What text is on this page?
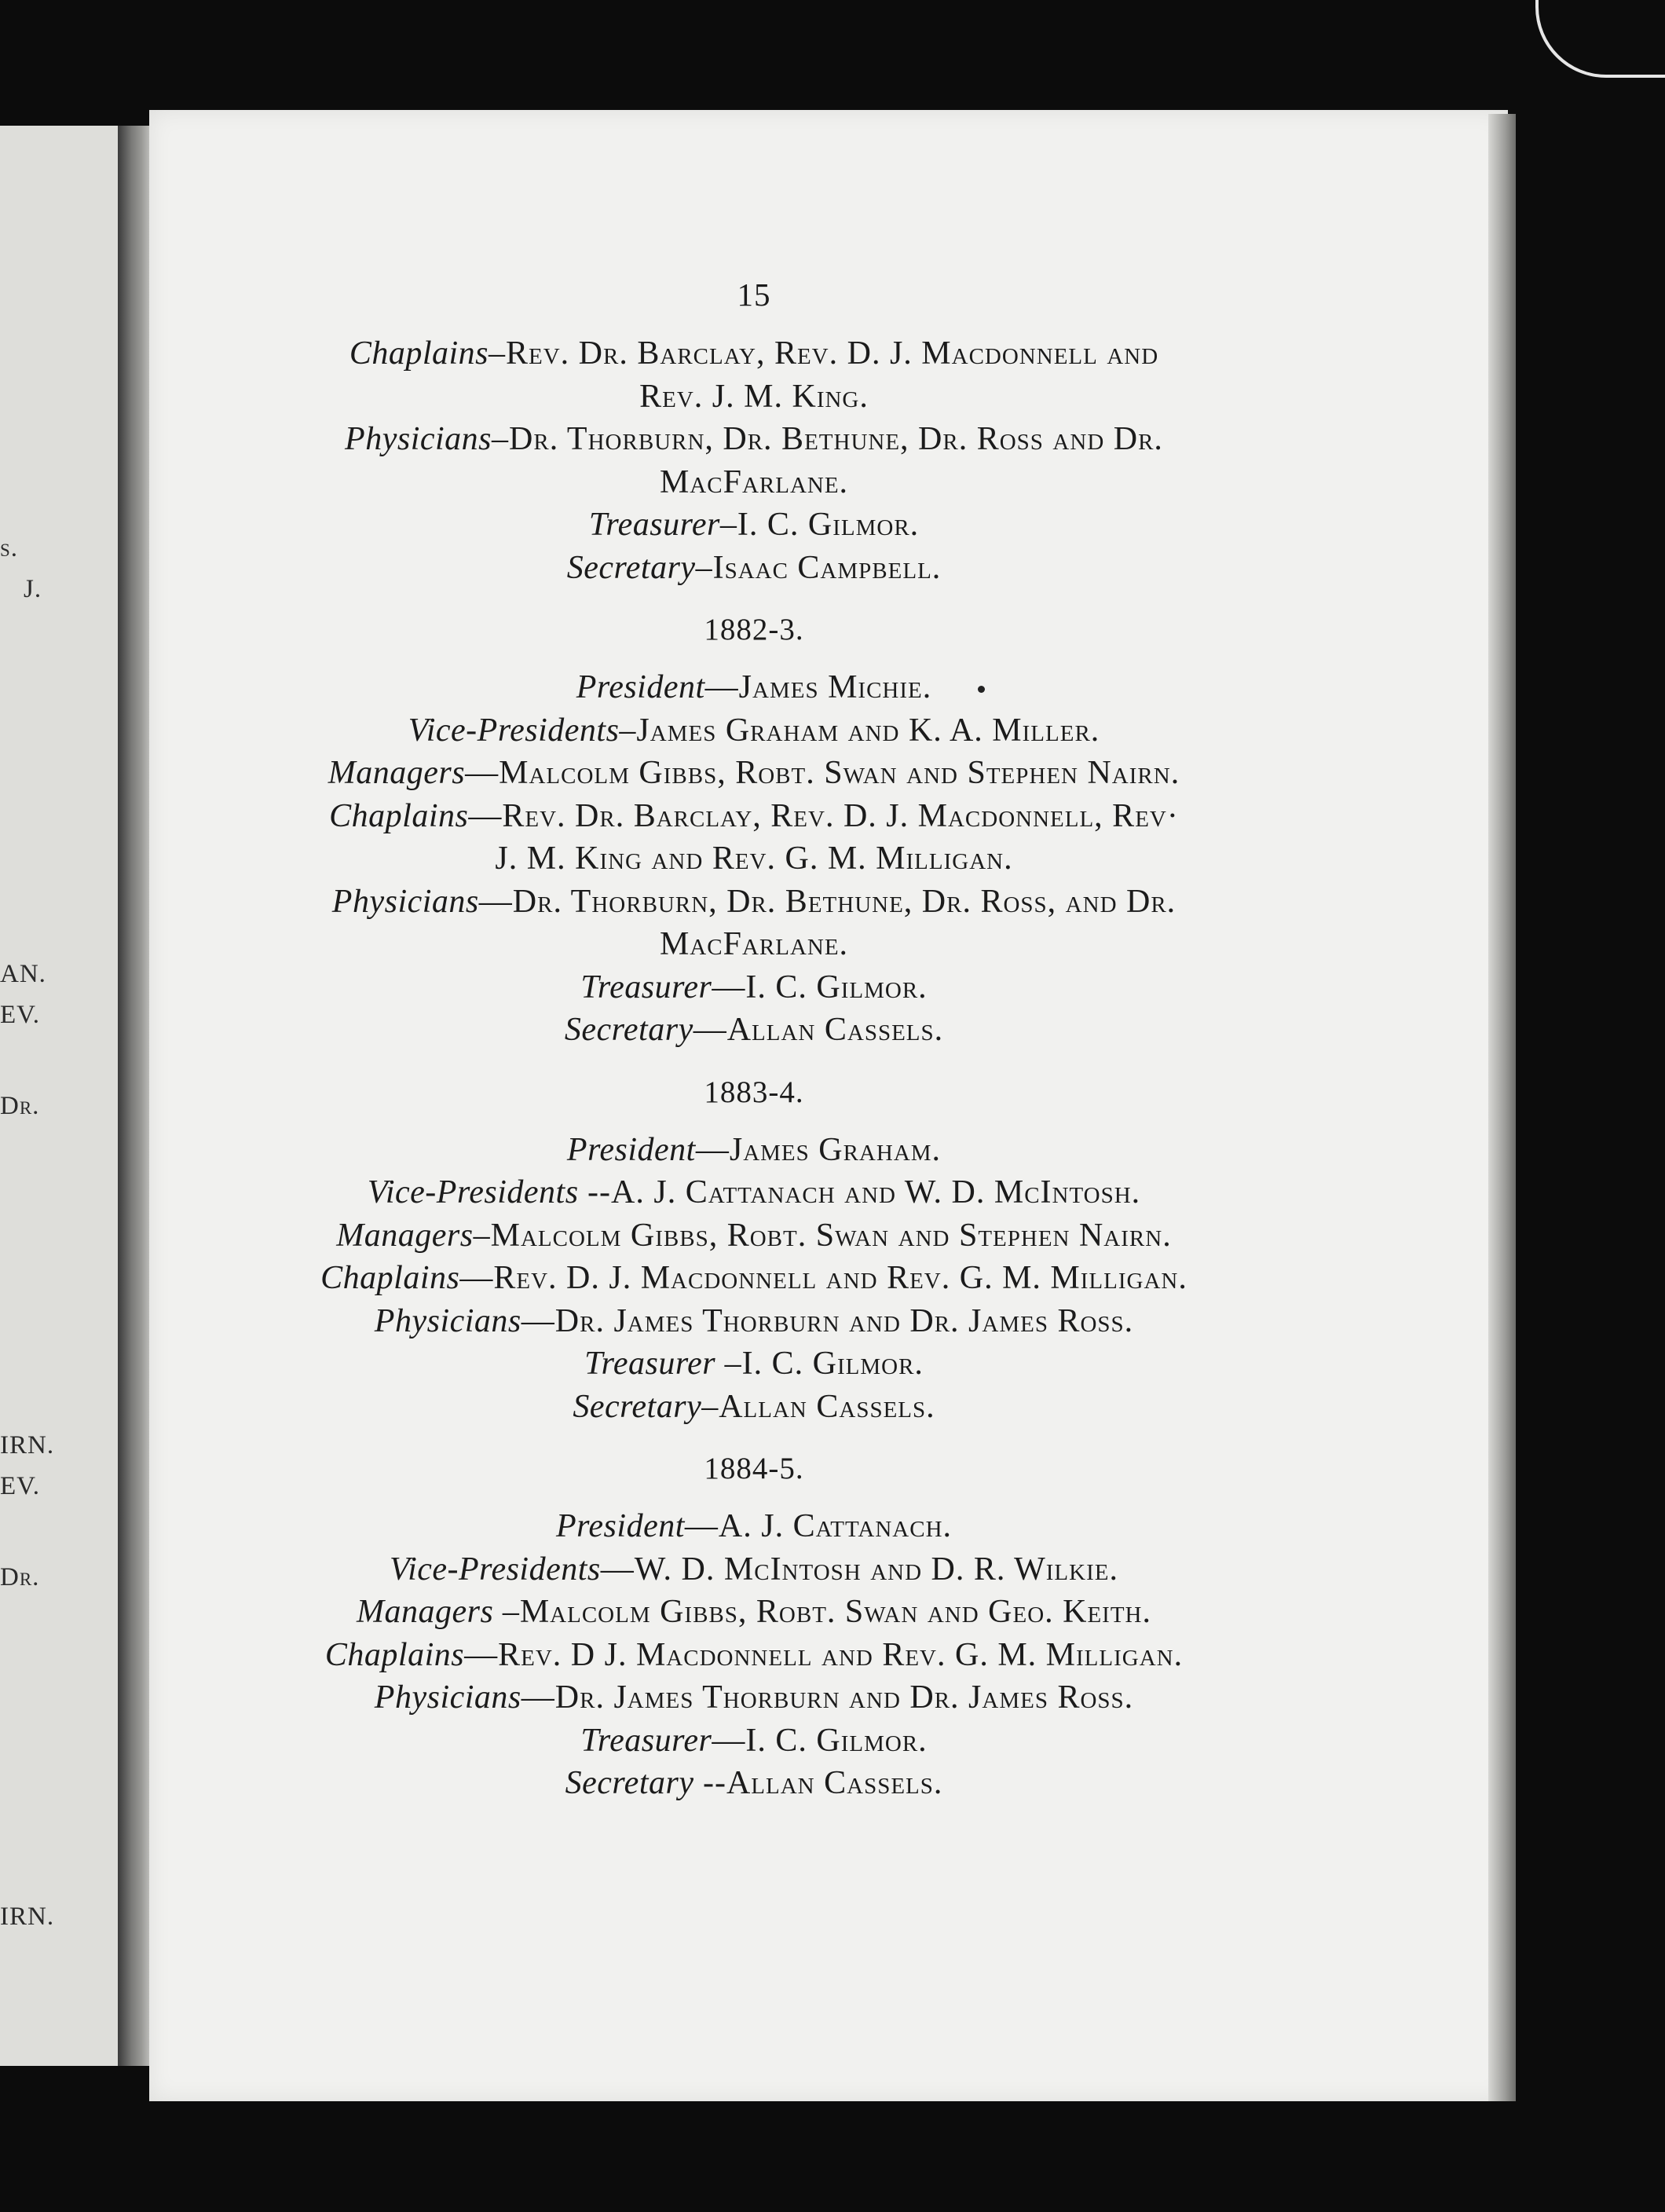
s.
J.
AN.
EV.
Dr.
IRN.
EV.
Dr.
IRN.
15
Chaplains–Rev. Dr. Barclay, Rev. D. J. Macdonnell and
Rev. J. M. King.
Physicians–Dr. Thorburn, Dr. Bethune, Dr. Ross and Dr.
MacFarlane.
Treasurer–I. C. Gilmor.
Secretary–Isaac Campbell.
1882-3.
President—James Michie.
Vice-Presidents–James Graham and K. A. Miller.
Managers—Malcolm Gibbs, Robt. Swan and Stephen Nairn.
Chaplains—Rev. Dr. Barclay, Rev. D. J. Macdonnell, Rev·
J. M. King and Rev. G. M. Milligan.
Physicians—Dr. Thorburn, Dr. Bethune, Dr. Ross, and Dr.
MacFarlane.
Treasurer—I. C. Gilmor.
Secretary—Allan Cassels.
1883-4.
President—James Graham.
Vice-Presidents --A. J. Cattanach and W. D. McIntosh.
Managers–Malcolm Gibbs, Robt. Swan and Stephen Nairn.
Chaplains—Rev. D. J. Macdonnell and Rev. G. M. Milligan.
Physicians—Dr. James Thorburn and Dr. James Ross.
Treasurer –I. C. Gilmor.
Secretary–Allan Cassels.
1884-5.
President—A. J. Cattanach.
Vice-Presidents—W. D. McIntosh and D. R. Wilkie.
Managers –Malcolm Gibbs, Robt. Swan and Geo. Keith.
Chaplains—Rev. D J. Macdonnell and Rev. G. M. Milligan.
Physicians—Dr. James Thorburn and Dr. James Ross.
Treasurer—I. C. Gilmor.
Secretary --Allan Cassels.
